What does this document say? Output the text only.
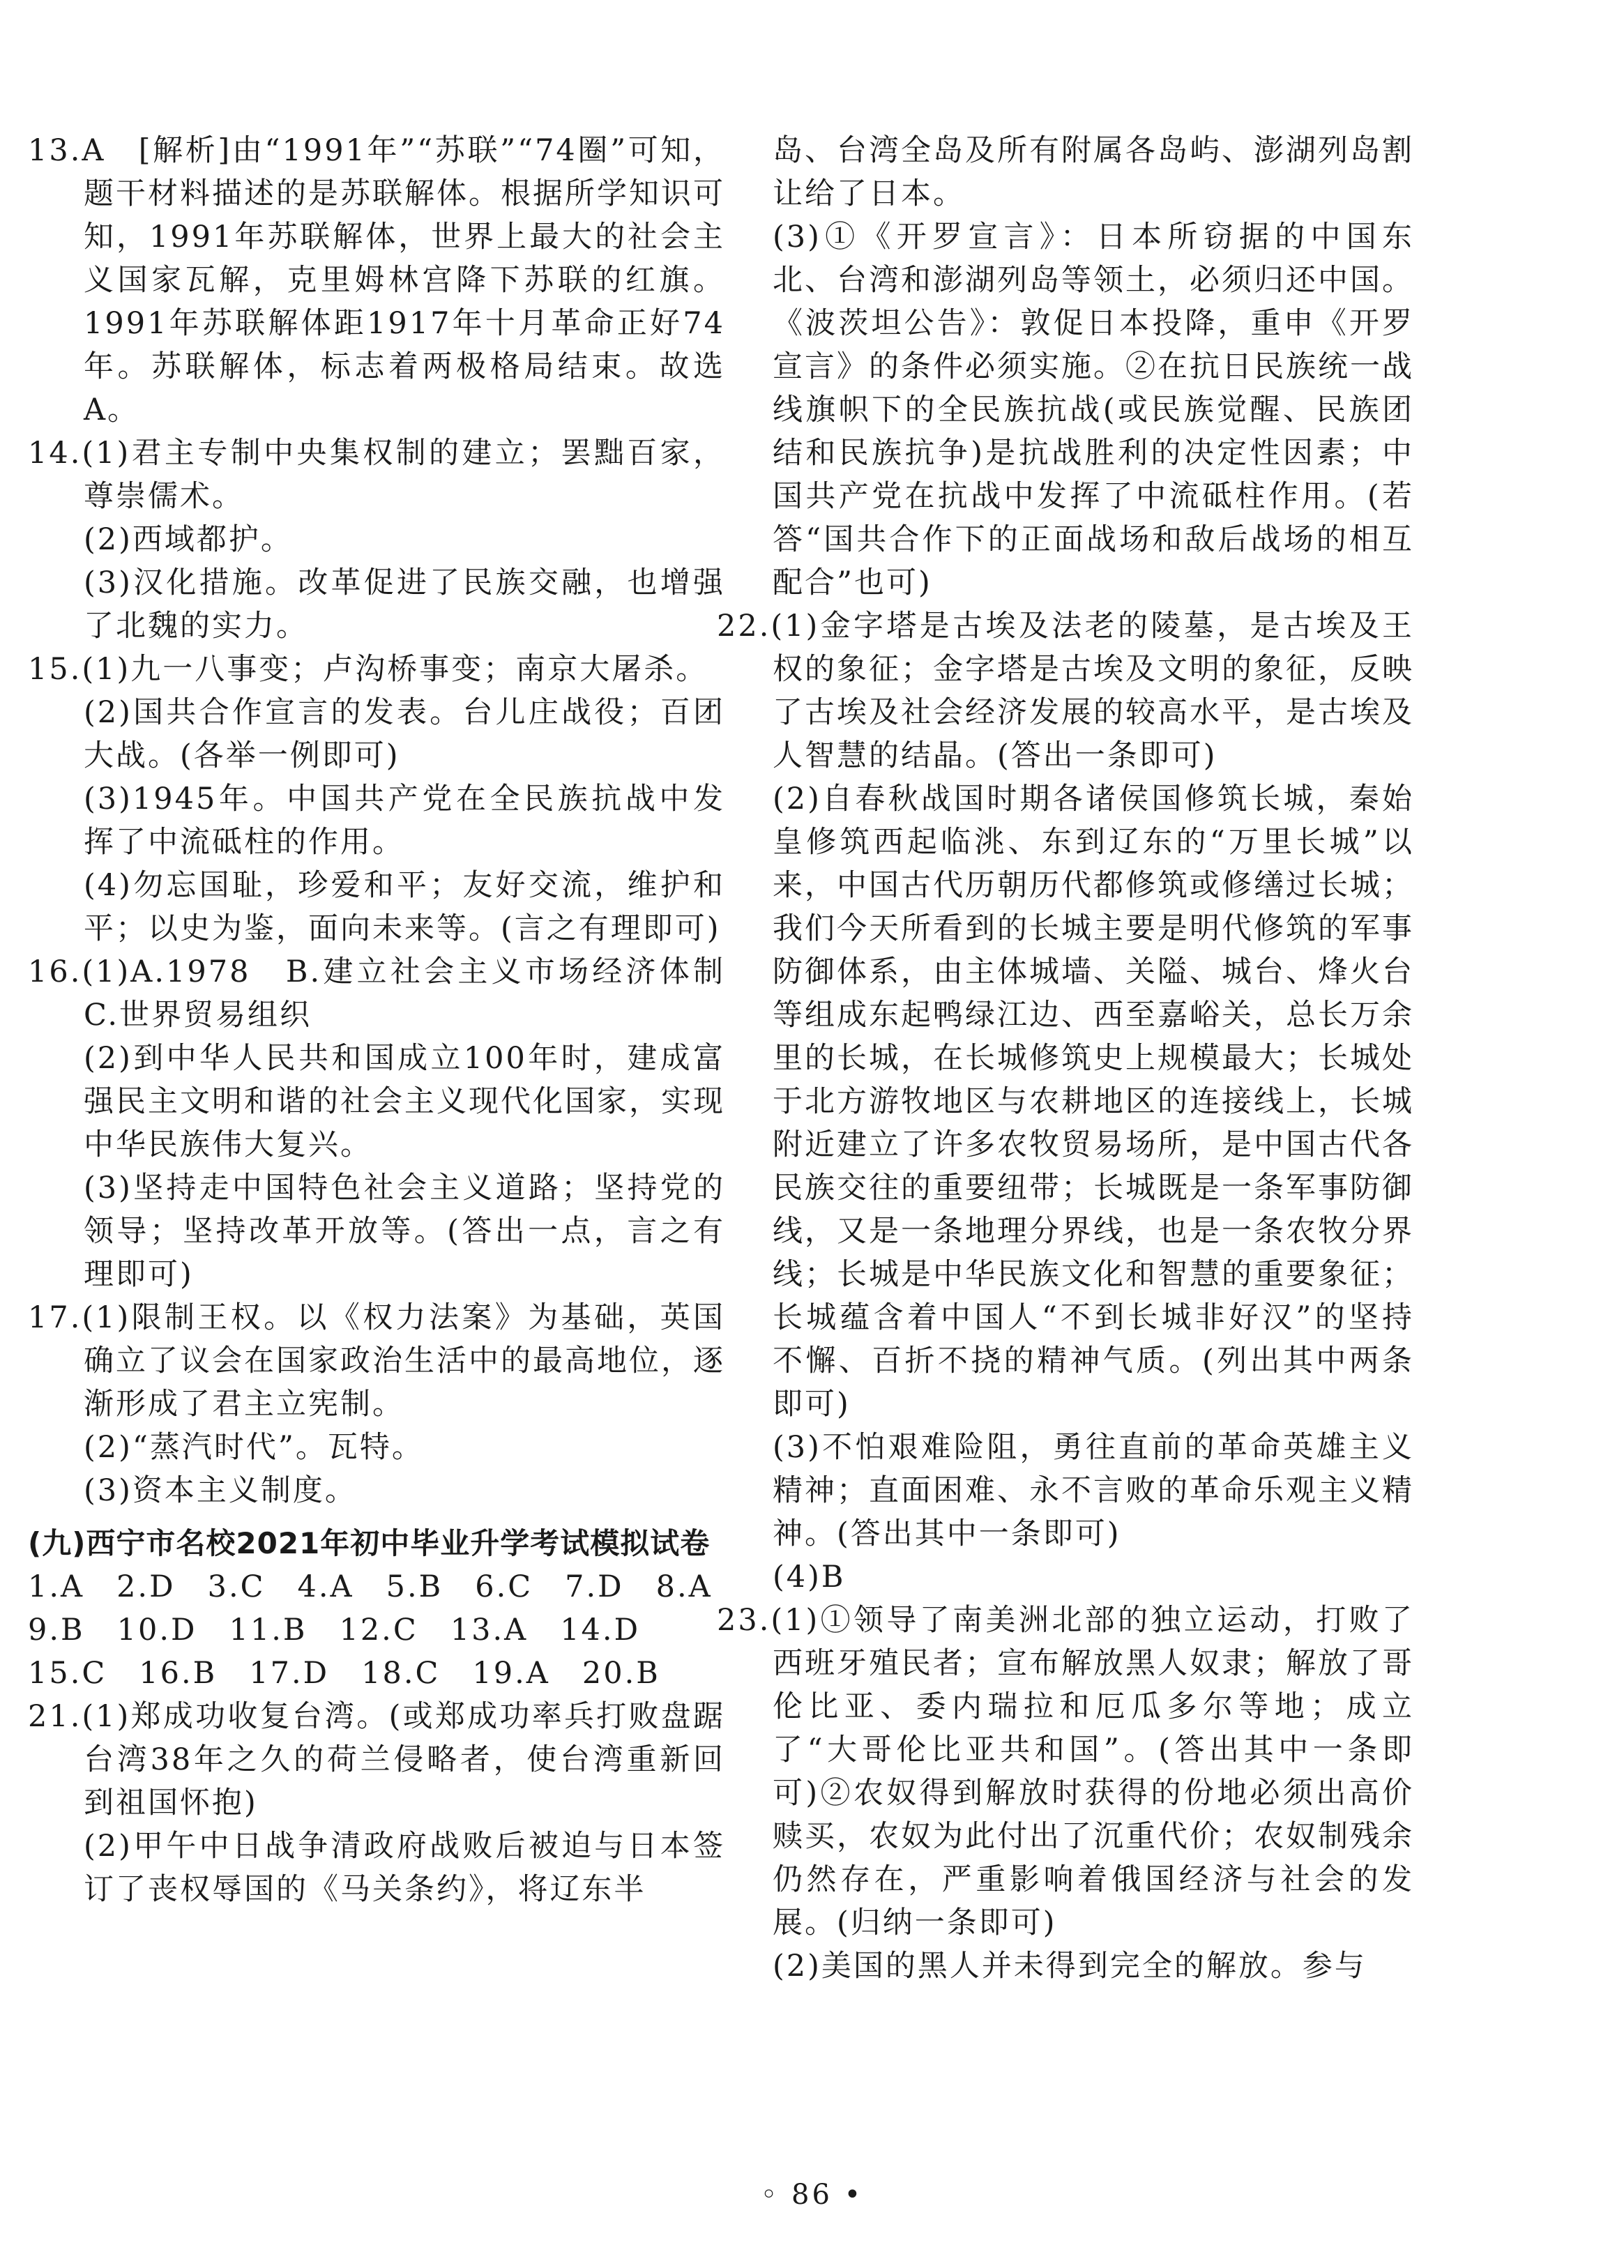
13.A　[解析]由“1991年”“苏联”“74圈”可知，题干材料描述的是苏联解体。根据所学知识可知，1991年苏联解体，世界上最大的社会主义国家瓦解，克里姆林宫降下苏联的红旗。1991年苏联解体距1917年十月革命正好74年。苏联解体，标志着两极格局结束。故选A。

14.(1)君主专制中央集权制的建立；罢黜百家，尊崇儒术。

(2)西域都护。

(3)汉化措施。改革促进了民族交融，也增强了北魏的实力。

15.(1)九一八事变；卢沟桥事变；南京大屠杀。

(2)国共合作宣言的发表。台儿庄战役；百团大战。(各举一例即可)

(3)1945年。中国共产党在全民族抗战中发挥了中流砥柱的作用。

(4)勿忘国耻，珍爱和平；友好交流，维护和平；以史为鉴，面向未来等。(言之有理即可)

16.(1)A.1978　B.建立社会主义市场经济体制　C.世界贸易组织

(2)到中华人民共和国成立100年时，建成富强民主文明和谐的社会主义现代化国家，实现中华民族伟大复兴。

(3)坚持走中国特色社会主义道路；坚持党的领导；坚持改革开放等。(答出一点，言之有理即可)

17.(1)限制王权。以《权力法案》为基础，英国确立了议会在国家政治生活中的最高地位，逐渐形成了君主立宪制。

(2)“蒸汽时代”。瓦特。

(3)资本主义制度。

(九)西宁市名校2021年初中毕业升学考试模拟试卷

1.A　2.D　3.C　4.A　5.B　6.C　7.D　8.A

9.B　10.D　11.B　12.C　13.A　14.D

15.C　16.B　17.D　18.C　19.A　20.B

21.(1)郑成功收复台湾。(或郑成功率兵打败盘踞台湾38年之久的荷兰侵略者，使台湾重新回到祖国怀抱)

(2)甲午中日战争清政府战败后被迫与日本签订了丧权辱国的《马关条约》，将辽东半

岛、台湾全岛及所有附属各岛屿、澎湖列岛割让给了日本。

(3)①《开罗宣言》：日本所窃据的中国东北、台湾和澎湖列岛等领土，必须归还中国。《波茨坦公告》：敦促日本投降，重申《开罗宣言》的条件必须实施。②在抗日民族统一战线旗帜下的全民族抗战(或民族觉醒、民族团结和民族抗争)是抗战胜利的决定性因素；中国共产党在抗战中发挥了中流砥柱作用。(若答“国共合作下的正面战场和敌后战场的相互配合”也可)

22.(1)金字塔是古埃及法老的陵墓，是古埃及王权的象征；金字塔是古埃及文明的象征，反映了古埃及社会经济发展的较高水平，是古埃及人智慧的结晶。(答出一条即可)

(2)自春秋战国时期各诸侯国修筑长城，秦始皇修筑西起临洮、东到辽东的“万里长城”以来，中国古代历朝历代都修筑或修缮过长城；我们今天所看到的长城主要是明代修筑的军事防御体系，由主体城墙、关隘、城台、烽火台等组成东起鸭绿江边、西至嘉峪关，总长万余里的长城，在长城修筑史上规模最大；长城处于北方游牧地区与农耕地区的连接线上，长城附近建立了许多农牧贸易场所，是中国古代各民族交往的重要纽带；长城既是一条军事防御线，又是一条地理分界线，也是一条农牧分界线；长城是中华民族文化和智慧的重要象征；长城蕴含着中国人“不到长城非好汉”的坚持不懈、百折不挠的精神气质。(列出其中两条即可)

(3)不怕艰难险阻，勇往直前的革命英雄主义精神；直面困难、永不言败的革命乐观主义精神。(答出其中一条即可)

(4)B

23.(1)①领导了南美洲北部的独立运动，打败了西班牙殖民者；宣布解放黑人奴隶；解放了哥伦比亚、委内瑞拉和厄瓜多尔等地；成立了“大哥伦比亚共和国”。(答出其中一条即可)②农奴得到解放时获得的份地必须出高价赎买，农奴为此付出了沉重代价；农奴制残余仍然存在，严重影响着俄国经济与社会的发展。(归纳一条即可)

(2)美国的黑人并未得到完全的解放。参与

◦ 86 •
